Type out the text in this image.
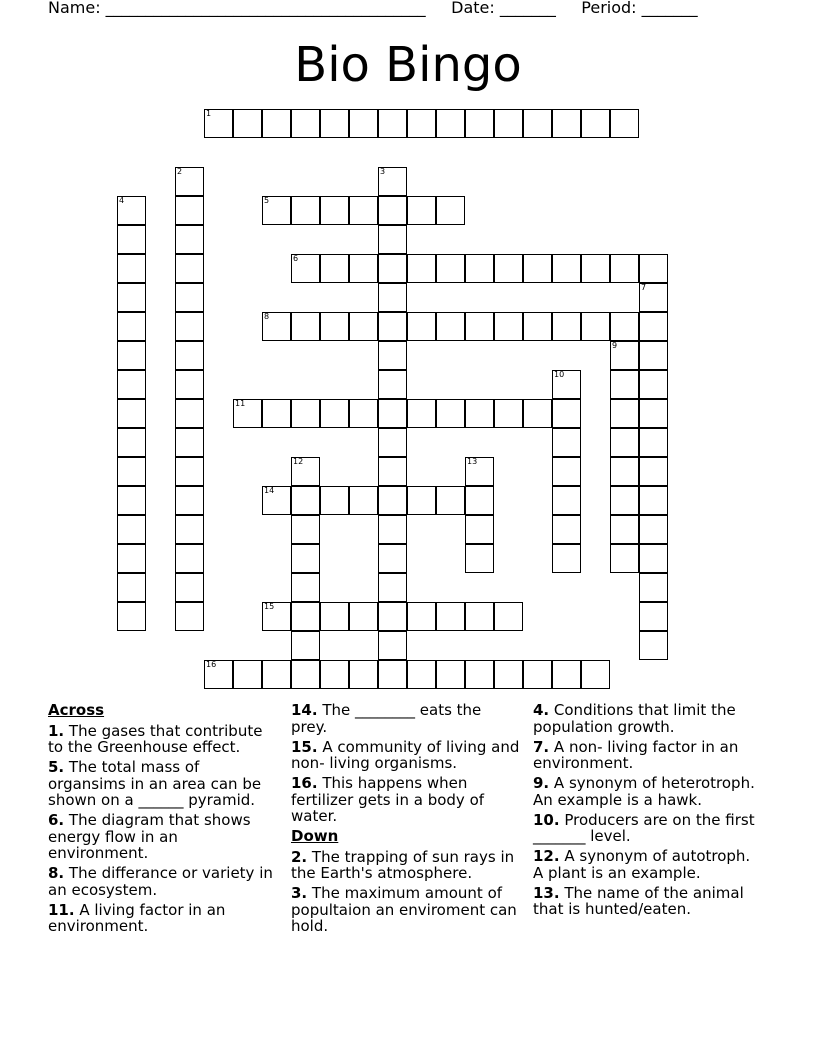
Name: ________________________________________ Date: _______ Period: _______
Bio Bingo
1
2	3
4	5
6
7
8
9
10
11
12	13
14
15
16
Across
1. The gases that contribute to the Greenhouse effect.
5. The total mass of organsims in an area can be shown on a ______ pyramid.
6. The diagram that shows energy flow in an environment.
8. The differance or variety in an ecosystem.
11. A living factor in an environment.
14. The ________ eats the prey.
15. A community of living and non- living organisms.
16. This happens when fertilizer gets in a body of water.
Down
2. The trapping of sun rays in the Earth's atmosphere.
3. The maximum amount of popultaion an enviroment can hold.
4. Conditions that limit the population growth.
7. A non- living factor in an environment.
9. A synonym of heterotroph. An example is a hawk.
10. Producers are on the first _______ level.
12. A synonym of autotroph. A plant is an example.
13. The name of the animal that is hunted/eaten.
